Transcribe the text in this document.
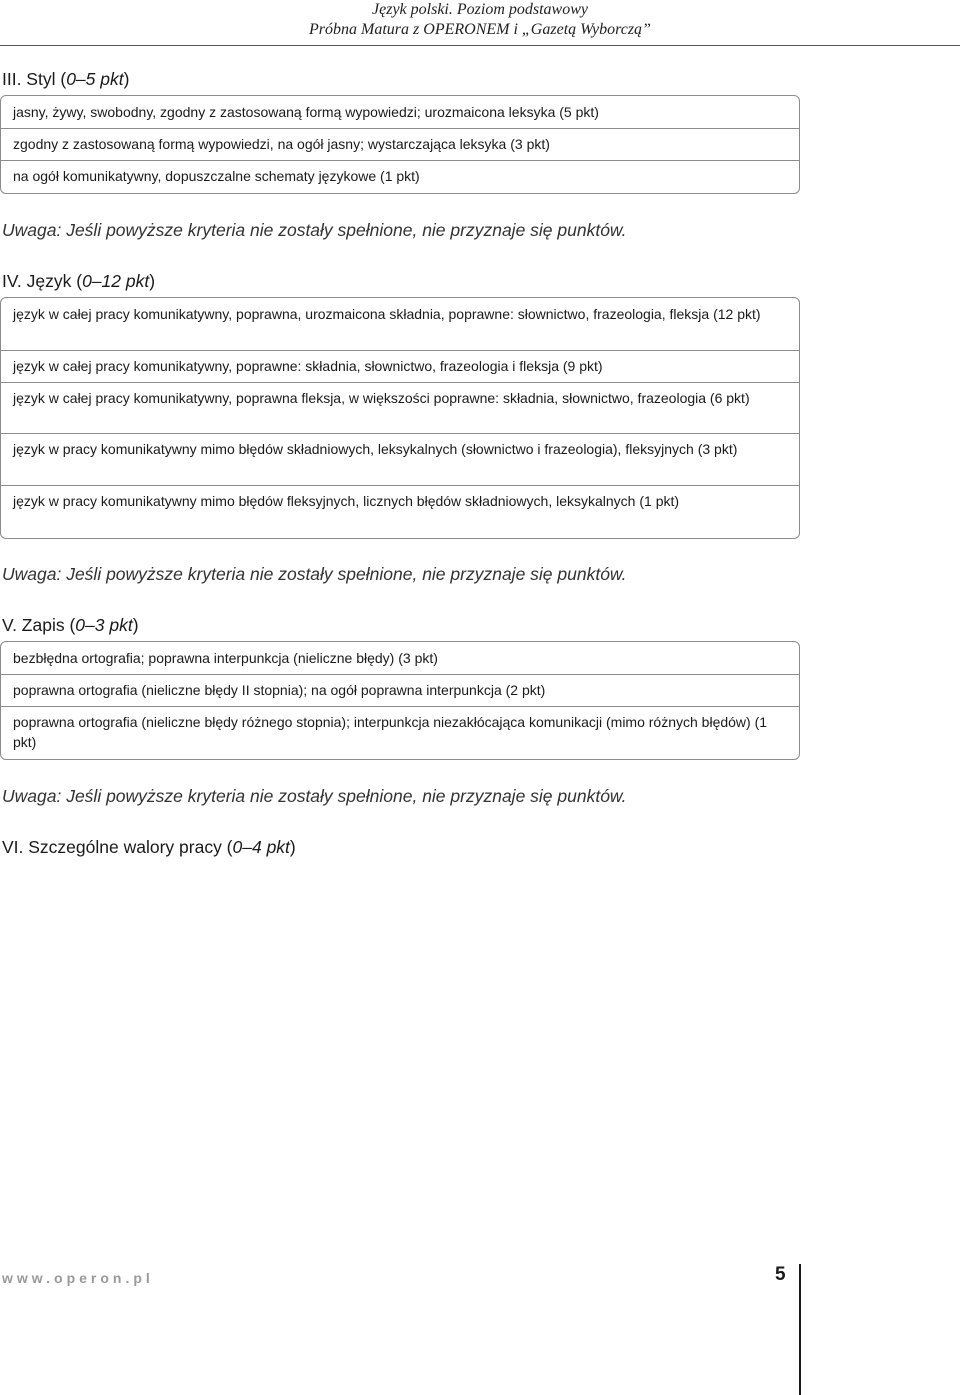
Język polski. Poziom podstawowy
Próbna Matura z OPERONEM i „Gazetą Wyborczą”
III. Styl (0–5 pkt)
jasny, żywy, swobodny, zgodny z zastosowaną formą wypowiedzi; urozmaicona leksyka (5 pkt)
zgodny z zastosowaną formą wypowiedzi, na ogół jasny; wystarczająca leksyka (3 pkt)
na ogół komunikatywny, dopuszczalne schematy językowe (1 pkt)
Uwaga: Jeśli powyższe kryteria nie zostały spełnione, nie przyznaje się punktów.
IV. Język (0–12 pkt)
język w całej pracy komunikatywny, poprawna, urozmaicona składnia, poprawne: słownictwo, frazeologia, fleksja (12 pkt)
język w całej pracy komunikatywny, poprawne: składnia, słownictwo, frazeologia i fleksja (9 pkt)
język w całej pracy komunikatywny, poprawna fleksja, w większości poprawne: składnia, słownictwo, frazeologia (6 pkt)
język w pracy komunikatywny mimo błędów składniowych, leksykalnych (słownictwo i frazeologia), fleksyjnych (3 pkt)
język w pracy komunikatywny mimo błędów fleksyjnych, licznych błędów składniowych, leksykalnych (1 pkt)
Uwaga: Jeśli powyższe kryteria nie zostały spełnione, nie przyznaje się punktów.
V. Zapis (0–3 pkt)
bezbłędna ortografia; poprawna interpunkcja (nieliczne błędy) (3 pkt)
poprawna ortografia (nieliczne błędy II stopnia); na ogół poprawna interpunkcja (2 pkt)
poprawna ortografia (nieliczne błędy różnego stopnia); interpunkcja niezakłócająca komunikacji (mimo różnych błędów) (1 pkt)
Uwaga: Jeśli powyższe kryteria nie zostały spełnione, nie przyznaje się punktów.
VI. Szczególne walory pracy (0–4 pkt)
www.operon.pl	5
